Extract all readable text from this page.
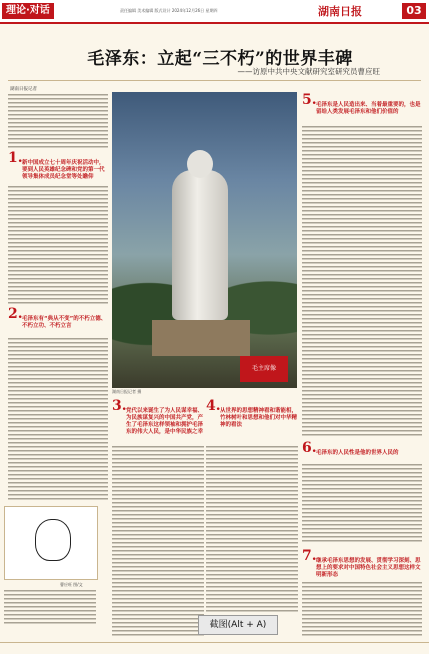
理论·对话	责任编辑 美术编辑 版式设计 2024年12月26日 星期四	湖南日报	03
毛泽东：立起“三不朽”的世界丰碑
——访原中共中央文献研究室研究员曹应旺
湖南日报记者
1. 新中国成立七十周年庆祝活动中，要到人民英雄纪念碑和党的第一代领导集体成员纪念堂等处瞻仰
2. 毛泽东有“典从不变”的不朽立德、不朽立功、不朽立言
毛主席像
湖南日报记者 摄
3. 党代以来诞生了为人民谋幸福、为民族谋复兴的中国共产党，产生了毛泽东这样领袖和拥护毛泽东的伟大人民，是中华民族之幸
4. 从世界的思想精神看和谐能相，竹林树叶和思想和他们对中华精神的看法
5. 毛泽东是人民造出来、当着最重要的，也是留给人类发展毛泽东和他们价值的
6. 毛泽东的人民性是他的世界人民的
7. 继承毛泽东思想的发展、贯彻学习深刻、思想上的要求对中国特色社会主义思想这样文明新形态
曹应旺 图/文
截图(Alt + A)
